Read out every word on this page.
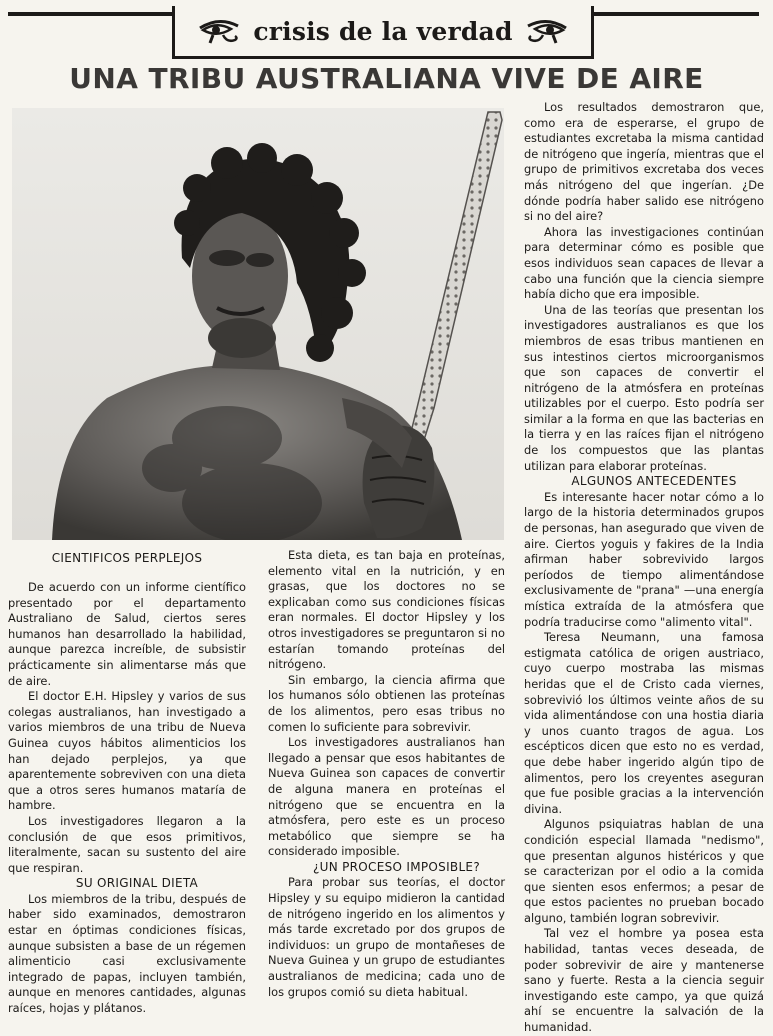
crisis de la verdad
UNA TRIBU AUSTRALIANA VIVE DE AIRE

CIENTIFICOS PERPLEJOS

De acuerdo con un informe científico presentado por el departamento Australiano de Salud, ciertos seres humanos han desarrollado la habilidad, aunque parezca increíble, de subsistir prácticamente sin alimentarse más que de aire.

El doctor E.H. Hipsley y varios de sus colegas australianos, han investigado a varios miembros de una tribu de Nueva Guinea cuyos hábitos alimenticios los han dejado perplejos, ya que aparentemente sobreviven con una dieta que a otros seres humanos mataría de hambre.

Los investigadores llegaron a la conclusión de que esos primitivos, literalmente, sacan su sustento del aire que respiran.

SU ORIGINAL DIETA

Los miembros de la tribu, después de haber sido examinados, demostraron estar en óptimas condiciones físicas, aunque subsisten a base de un régemen alimenticio casi exclusivamente integrado de papas, incluyen también, aunque en menores cantidades, algunas raíces, hojas y plátanos.

Esta dieta, es tan baja en proteínas, elemento vital en la nutrición, y en grasas, que los doctores no se explicaban como sus condiciones físicas eran normales. El doctor Hipsley y los otros investigadores se preguntaron si no estarían tomando proteínas del nitrógeno.

Sin embargo, la ciencia afirma que los humanos sólo obtienen las proteínas de los alimentos, pero esas tribus no comen lo suficiente para sobrevivir.

Los investigadores australianos han llegado a pensar que esos habitantes de Nueva Guinea son capaces de convertir de alguna manera en proteínas el nitrógeno que se encuentra en la atmósfera, pero este es un proceso metabólico que siempre se ha considerado imposible.

¿UN PROCESO IMPOSIBLE?

Para probar sus teorías, el doctor Hipsley y su equipo midieron la cantidad de nitrógeno ingerido en los alimentos y más tarde excretado por dos grupos de individuos: un grupo de montañeses de Nueva Guinea y un grupo de estudiantes australianos de medicina; cada uno de los grupos comió su dieta habitual.

Los resultados demostraron que, como era de esperarse, el grupo de estudiantes excretaba la misma cantidad de nitrógeno que ingería, mientras que el grupo de primitivos excretaba dos veces más nitrógeno del que ingerían. ¿De dónde podría haber salido ese nitrógeno si no del aire?

Ahora las investigaciones continúan para determinar cómo es posible que esos individuos sean capaces de llevar a cabo una función que la ciencia siempre había dicho que era imposible.

Una de las teorías que presentan los investigadores australianos es que los miembros de esas tribus mantienen en sus intestinos ciertos microorganismos que son capaces de convertir el nitrógeno de la atmósfera en proteínas utilizables por el cuerpo. Esto podría ser similar a la forma en que las bacterias en la tierra y en las raíces fijan el nitrógeno de los compuestos que las plantas utilizan para elaborar proteínas.

ALGUNOS ANTECEDENTES

Es interesante hacer notar cómo a lo largo de la historia determinados grupos de personas, han asegurado que viven de aire. Ciertos yoguis y fakires de la India afirman haber sobrevivido largos períodos de tiempo alimentándose exclusivamente de "prana" —una energía mística extraída de la atmósfera que podría traducirse como "alimento vital".

Teresa Neumann, una famosa estigmata católica de origen austriaco, cuyo cuerpo mostraba las mismas heridas que el de Cristo cada viernes, sobrevivió los últimos veinte años de su vida alimentándose con una hostia diaria y unos cuanto tragos de agua. Los escépticos dicen que esto no es verdad, que debe haber ingerido algún tipo de alimentos, pero los creyentes aseguran que fue posible gracias a la intervención divina.

Algunos psiquiatras hablan de una condición especial llamada "nedismo", que presentan algunos histéricos y que se caracterizan por el odio a la comida que sienten esos enfermos; a pesar de que estos pacientes no prueban bocado alguno, también logran sobrevivir.

Tal vez el hombre ya posea esta habilidad, tantas veces deseada, de poder sobrevivir de aire y mantenerse sano y fuerte. Resta a la ciencia seguir investigando este campo, ya que quizá ahí se encuentre la salvación de la humanidad.
